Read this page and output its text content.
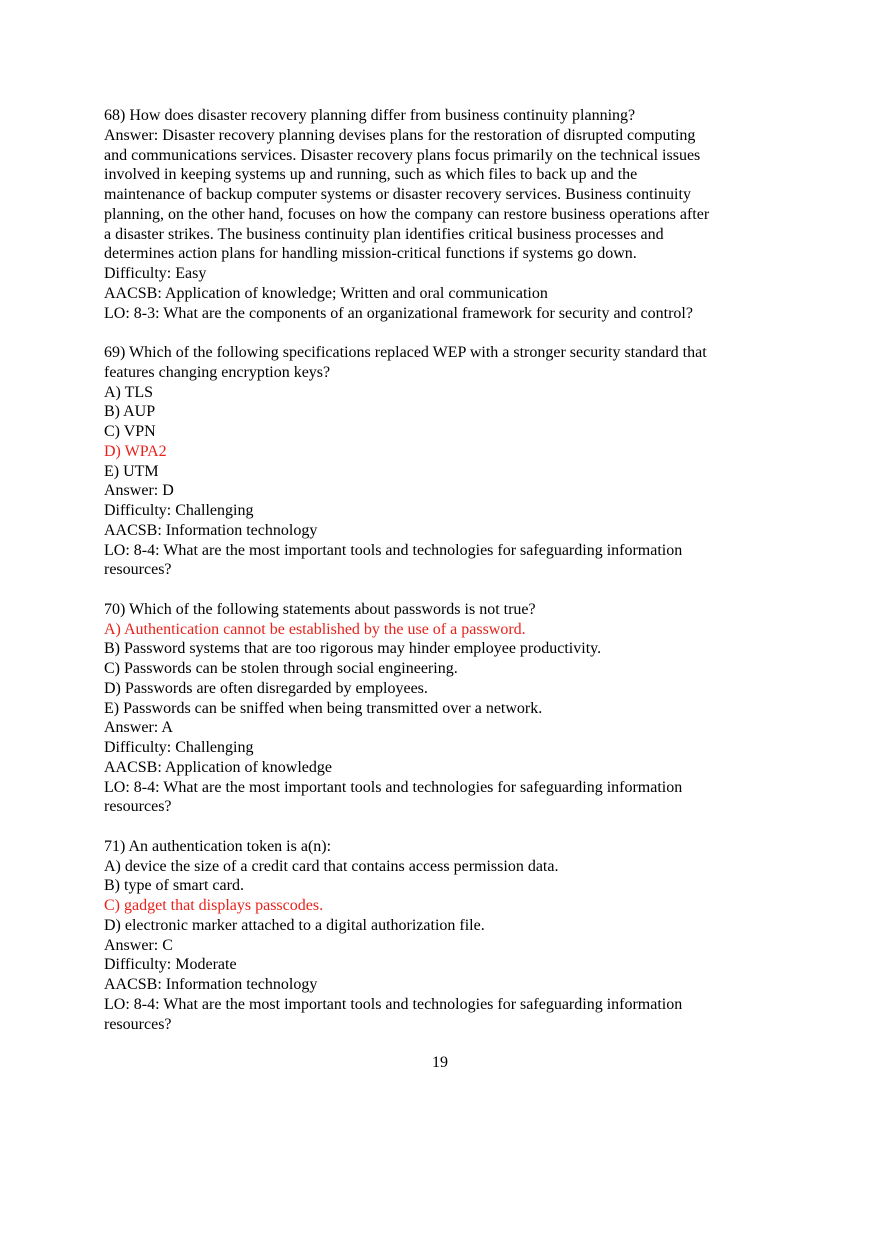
68) How does disaster recovery planning differ from business continuity planning?
Answer: Disaster recovery planning devises plans for the restoration of disrupted computing
and communications services. Disaster recovery plans focus primarily on the technical issues
involved in keeping systems up and running, such as which files to back up and the
maintenance of backup computer systems or disaster recovery services. Business continuity
planning, on the other hand, focuses on how the company can restore business operations after
a disaster strikes. The business continuity plan identifies critical business processes and
determines action plans for handling mission-critical functions if systems go down.
Difficulty: Easy
AACSB: Application of knowledge; Written and oral communication
LO: 8-3: What are the components of an organizational framework for security and control?
69) Which of the following specifications replaced WEP with a stronger security standard that
features changing encryption keys?
A) TLS
B) AUP
C) VPN
D) WPA2
E) UTM
Answer: D
Difficulty: Challenging
AACSB: Information technology
LO: 8-4: What are the most important tools and technologies for safeguarding information
resources?
70) Which of the following statements about passwords is not true?
A) Authentication cannot be established by the use of a password.
B) Password systems that are too rigorous may hinder employee productivity.
C) Passwords can be stolen through social engineering.
D) Passwords are often disregarded by employees.
E) Passwords can be sniffed when being transmitted over a network.
Answer: A
Difficulty: Challenging
AACSB: Application of knowledge
LO: 8-4: What are the most important tools and technologies for safeguarding information
resources?
71) An authentication token is a(n):
A) device the size of a credit card that contains access permission data.
B) type of smart card.
C) gadget that displays passcodes.
D) electronic marker attached to a digital authorization file.
Answer: C
Difficulty: Moderate
AACSB: Information technology
LO: 8-4: What are the most important tools and technologies for safeguarding information
resources?
19
